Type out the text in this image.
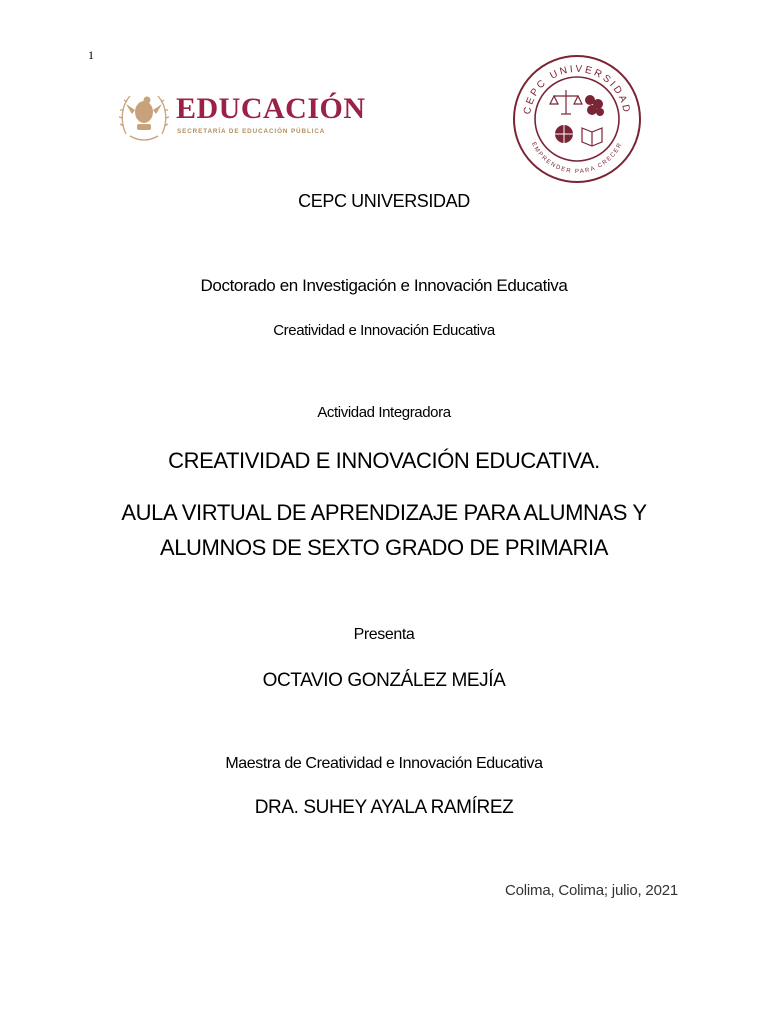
1
EDUCACIÓN
SECRETARÍA DE EDUCACIÓN PÚBLICA
CEPC UNIVERSIDAD
EMPRENDER PARA CRECER
CEPC UNIVERSIDAD
Doctorado en Investigación e Innovación Educativa
Creatividad e Innovación Educativa
Actividad Integradora
CREATIVIDAD E INNOVACIÓN EDUCATIVA.
AULA VIRTUAL DE APRENDIZAJE PARA ALUMNAS Y
ALUMNOS DE SEXTO GRADO DE PRIMARIA
Presenta
OCTAVIO GONZÁLEZ MEJÍA
Maestra de Creatividad e Innovación Educativa
DRA. SUHEY AYALA RAMÍREZ
Colima, Colima; julio, 2021
